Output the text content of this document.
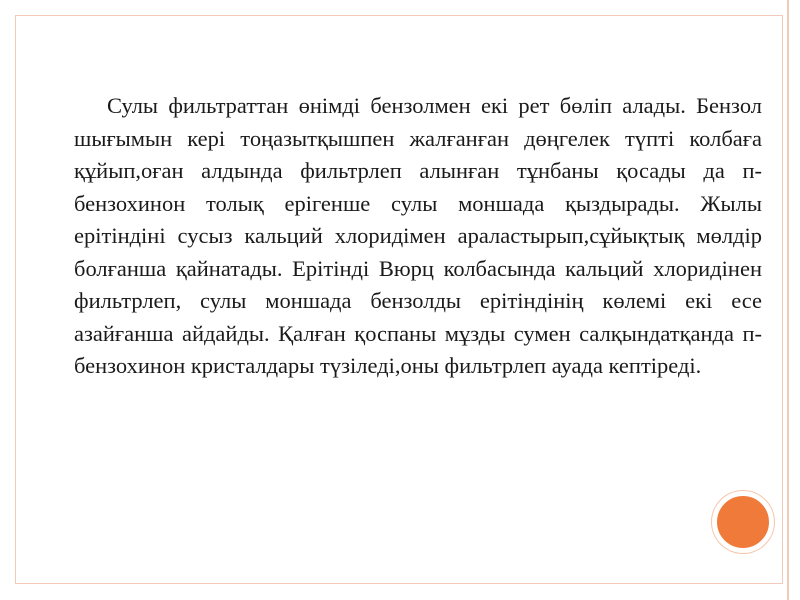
Сулы фильтраттан өнімді бензолмен екі рет бөліп алады. Бензол шығымын кері тоңазытқышпен жалғанған дөңгелек түпті колбаға құйып,оған алдында фильтрлеп алынған тұнбаны қосады да п-бензохинон толық ерігенше сулы моншада қыздырады. Жылы ерітіндіні сусыз кальций хлоридімен араластырып,сұйықтық мөлдір болғанша қайнатады. Ерітінді Вюрц колбасында кальций хлоридінен фильтрлеп, сулы моншада бензолды ерітіндінің көлемі екі есе азайғанша айдайды. Қалған қоспаны мұзды сумен салқындатқанда п-бензохинон кристалдары түзіледі,оны фильтрлеп ауада кептіреді.
